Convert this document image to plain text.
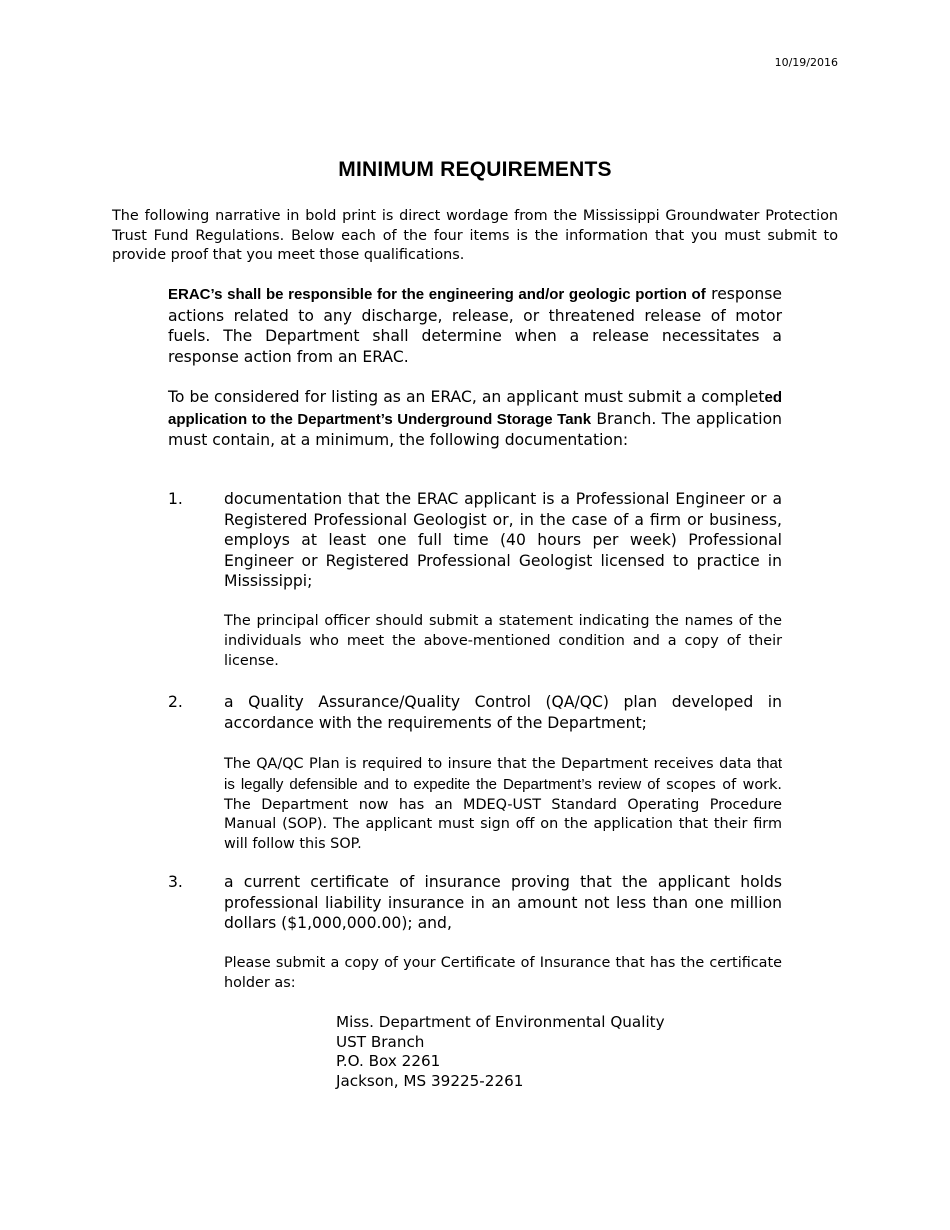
10/19/2016
MINIMUM REQUIREMENTS
The following narrative in bold print is direct wordage from the Mississippi Groundwater Protection Trust Fund Regulations. Below each of the four items is the information that you must submit to provide proof that you meet those qualifications.
ERAC’s shall be responsible for the engineering and/or geologic portion of response actions related to any discharge, release, or threatened release of motor fuels. The Department shall determine when a release necessitates a response action from an ERAC.
To be considered for listing as an ERAC, an applicant must submit a completed application to the Department’s Underground Storage Tank Branch. The application must contain, at a minimum, the following documentation:
1.	documentation that the ERAC applicant is a Professional Engineer or a Registered Professional Geologist or, in the case of a firm or business, employs at least one full time (40 hours per week) Professional Engineer or Registered Professional Geologist licensed to practice in Mississippi;
The principal officer should submit a statement indicating the names of the individuals who meet the above-mentioned condition and a copy of their license.
2.	a Quality Assurance/Quality Control (QA/QC) plan developed in accordance with the requirements of the Department;
The QA/QC Plan is required to insure that the Department receives data that is legally defensible and to expedite the Department’s review of scopes of work. The Department now has an MDEQ-UST Standard Operating Procedure Manual (SOP). The applicant must sign off on the application that their firm will follow this SOP.
3.	a current certificate of insurance proving that the applicant holds professional liability insurance in an amount not less than one million dollars ($1,000,000.00); and,
Please submit a copy of your Certificate of Insurance that has the certificate holder as:
Miss. Department of Environmental Quality
UST Branch
P.O. Box 2261
Jackson, MS 39225-2261
